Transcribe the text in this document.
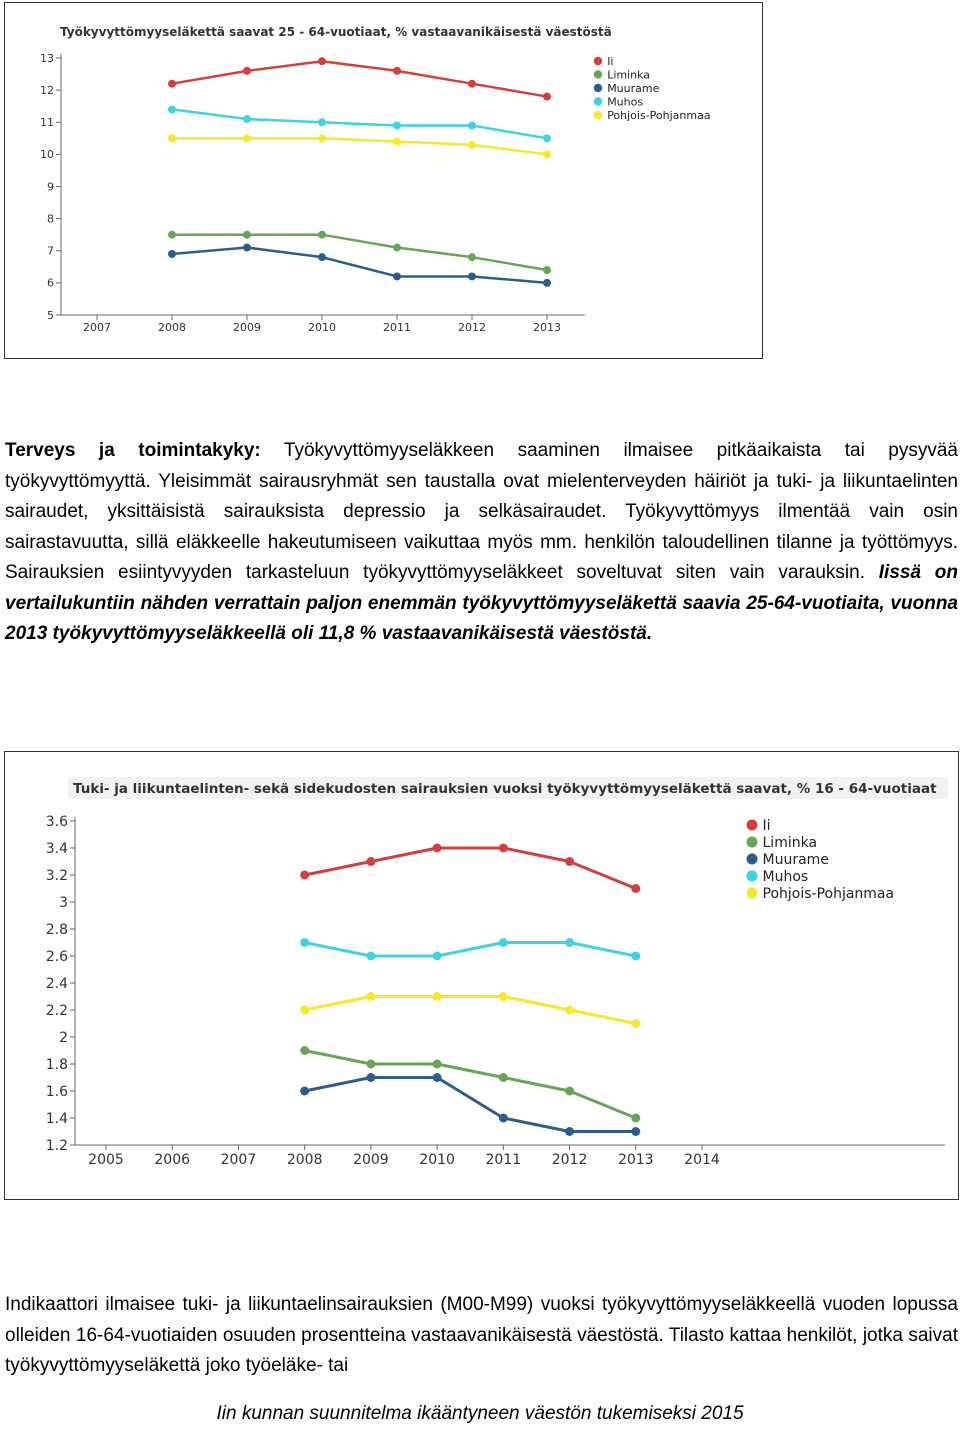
Työkyvyttömyyseläkettä saavat 25 - 64-vuotiaat, % vastaavanikäisestä väestöstä
5
6
7
8
9
10
11
12
13
2007	2008	2009	2010	2011	2012	2013
Ii
Liminka
Muurame
Muhos
Pohjois-Pohjanmaa

Terveys ja toimintakyky: Työkyvyttömyyseläkkeen saaminen ilmaisee pitkäaikaista tai pysyvää työkyvyttömyyttä. Yleisimmät sairausryhmät sen taustalla ovat mielenterveyden häiriöt ja tuki- ja liikuntaelinten sairaudet, yksittäisistä sairauksista depressio ja selkäsairaudet. Työkyvyttömyys ilmentää vain osin sairastavuutta, sillä eläkkeelle hakeutumiseen vaikuttaa myös mm. henkilön taloudellinen tilanne ja työttömyys. Sairauksien esiintyvyyden tarkasteluun työkyvyttömyyseläkkeet soveltuvat siten vain varauksin. Iissä on vertailukuntiin nähden verrattain paljon enemmän työkyvyttömyyseläkettä saavia 25-64-vuotiaita, vuonna 2013 työkyvyttömyyseläkkeellä oli 11,8 % vastaavanikäisestä väestöstä.

Tuki- ja liikuntaelinten- sekä sidekudosten sairauksien vuoksi työkyvyttömyyseläkettä saavat, % 16 - 64-vuotiaat
1.2
1.4
1.6
1.8
2
2.2
2.4
2.6
2.8
3
3.2
3.4
3.6
2005 2006 2007 2008 2009 2010 2011 2012 2013 2014
Ii
Liminka
Muurame
Muhos
Pohjois-Pohjanmaa

Indikaattori ilmaisee tuki- ja liikuntaelinsairauksien (M00-M99) vuoksi työkyvyttömyyseläkkeellä vuoden lopussa olleiden 16-64-vuotiaiden osuuden prosentteina vastaavanikäisestä väestöstä. Tilasto kattaa henkilöt, jotka saivat työkyvyttömyyseläkettä joko työeläke- tai

Iin kunnan suunnitelma ikääntyneen väestön tukemiseksi 2015
